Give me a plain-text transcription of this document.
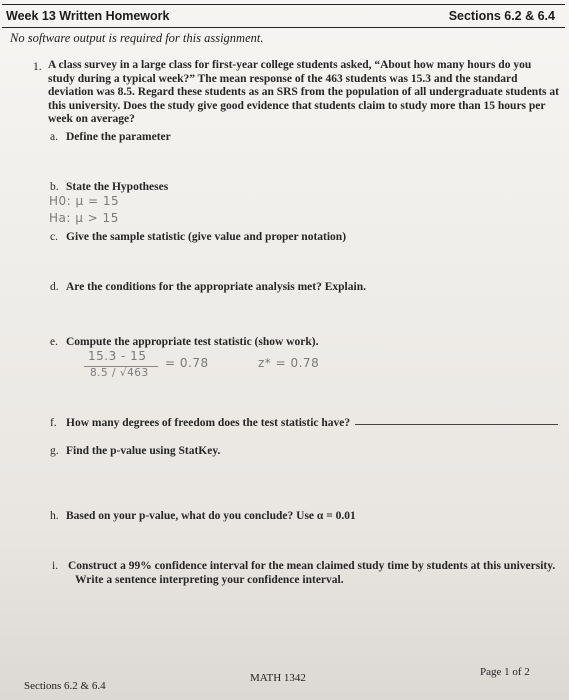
Week 13 Written Homework	Sections 6.2 & 6.4
No software output is required for this assignment.
1. A class survey in a large class for first-year college students asked, “About how many hours do you
study during a typical week?” The mean response of the 463 students was 15.3 and the standard
deviation was 8.5. Regard these students as an SRS from the population of all undergraduate students at
this university. Does the study give good evidence that students claim to study more than 15 hours per
week on average?
a. Define the parameter
b. State the Hypotheses
H0: μ = 15
Ha: μ > 15
c. Give the sample statistic (give value and proper notation)
d. Are the conditions for the appropriate analysis met? Explain.
e. Compute the appropriate test statistic (show work).
15.3 - 15
8.5 / √463
= 0.78	z* = 0.78
f. How many degrees of freedom does the test statistic have?
g. Find the p-value using StatKey.
h. Based on your p-value, what do you conclude? Use α = 0.01
i. Construct a 99% confidence interval for the mean claimed study time by students at this university.
Write a sentence interpreting your confidence interval.
Sections 6.2 & 6.4
MATH 1342	Page 1 of 2
